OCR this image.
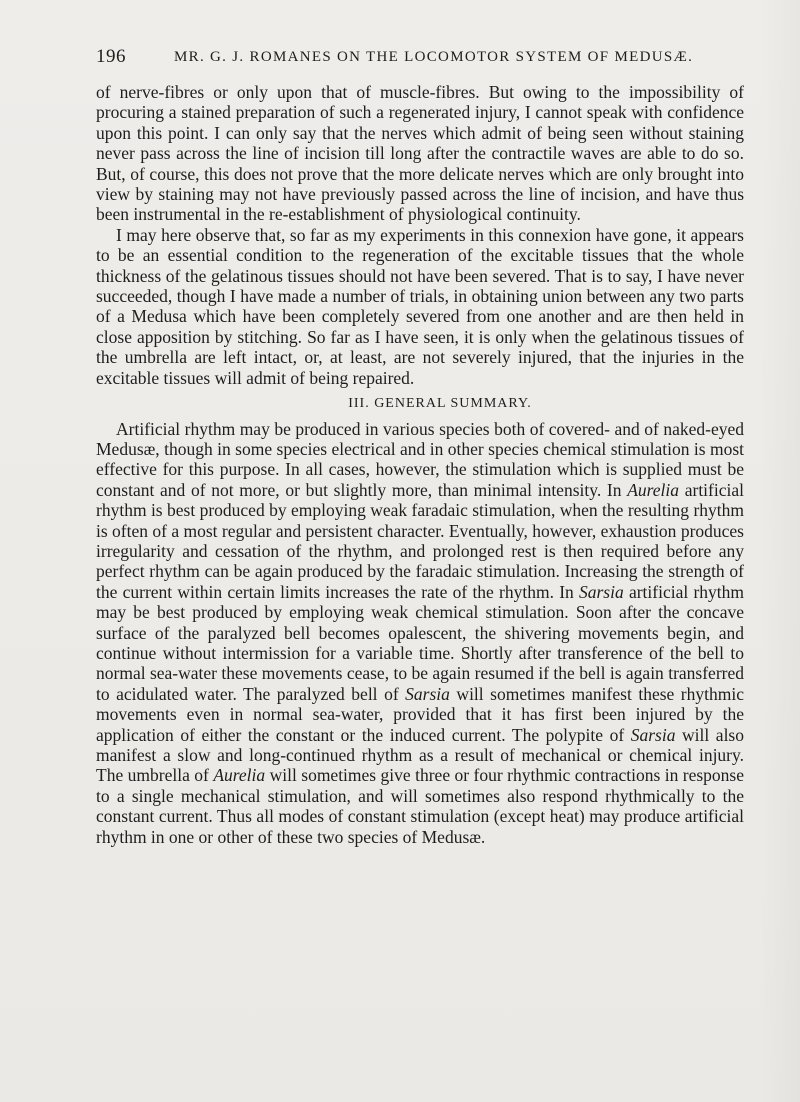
196	MR. G. J. ROMANES ON THE LOCOMOTOR SYSTEM OF MEDUSÆ.

of nerve-fibres or only upon that of muscle-fibres. But owing to the impossibility of procuring a stained preparation of such a regenerated injury, I cannot speak with confidence upon this point. I can only say that the nerves which admit of being seen without staining never pass across the line of incision till long after the contractile waves are able to do so. But, of course, this does not prove that the more delicate nerves which are only brought into view by staining may not have previously passed across the line of incision, and have thus been instrumental in the re-establishment of physiological continuity.

I may here observe that, so far as my experiments in this connexion have gone, it appears to be an essential condition to the regeneration of the excitable tissues that the whole thickness of the gelatinous tissues should not have been severed. That is to say, I have never succeeded, though I have made a number of trials, in obtaining union between any two parts of a Medusa which have been completely severed from one another and are then held in close apposition by stitching. So far as I have seen, it is only when the gelatinous tissues of the umbrella are left intact, or, at least, are not severely injured, that the injuries in the excitable tissues will admit of being repaired.

III. GENERAL SUMMARY.

Artificial rhythm may be produced in various species both of covered- and of naked-eyed Medusæ, though in some species electrical and in other species chemical stimulation is most effective for this purpose. In all cases, however, the stimulation which is supplied must be constant and of not more, or but slightly more, than minimal intensity. In Aurelia artificial rhythm is best produced by employing weak faradaic stimulation, when the resulting rhythm is often of a most regular and persistent character. Eventually, however, exhaustion produces irregularity and cessation of the rhythm, and prolonged rest is then required before any perfect rhythm can be again produced by the faradaic stimulation. Increasing the strength of the current within certain limits increases the rate of the rhythm. In Sarsia artificial rhythm may be best produced by employing weak chemical stimulation. Soon after the concave surface of the paralyzed bell becomes opalescent, the shivering movements begin, and continue without intermission for a variable time. Shortly after transference of the bell to normal sea-water these movements cease, to be again resumed if the bell is again transferred to acidulated water. The paralyzed bell of Sarsia will sometimes manifest these rhythmic movements even in normal sea-water, provided that it has first been injured by the application of either the constant or the induced current. The polypite of Sarsia will also manifest a slow and long-continued rhythm as a result of mechanical or chemical injury. The umbrella of Aurelia will sometimes give three or four rhythmic contractions in response to a single mechanical stimulation, and will sometimes also respond rhythmically to the constant current. Thus all modes of constant stimulation (except heat) may produce artificial rhythm in one or other of these two species of Medusæ.
